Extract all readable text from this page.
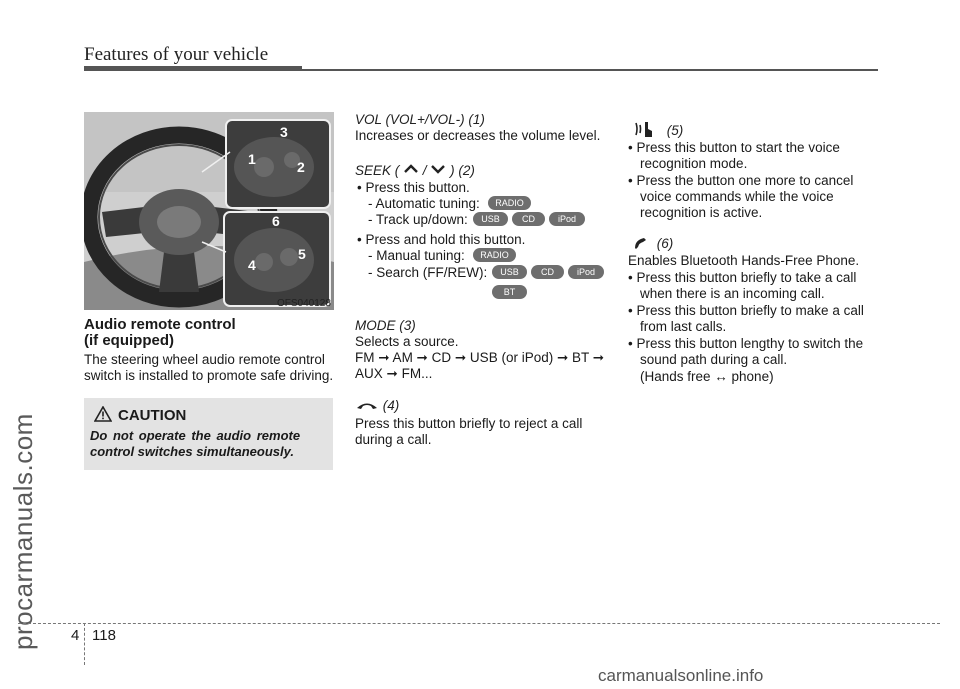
Features of your vehicle
procarmanuals.com
carmanualsonline.info
3
1	2
6
4
5
OFS040128
Audio remote control
(if equipped)
The steering wheel audio remote control
switch is installed to promote safe driving.
CAUTION
Do not operate the audio remote
control switches simultaneously.
VOL (VOL+/VOL-) (1)
Increases or decreases the volume level.
SEEK ( / ) (2)
• Press this button.
- Automatic tuning:	RADIO
- Track up/down:	USB	CD	iPod
• Press and hold this button.
- Manual tuning:	RADIO
- Search (FF/REW):	USB	CD	iPod
BT
MODE (3)
Selects a source.
FM ➞ AM ➞ CD ➞ USB (or iPod) ➞ BT ➞
AUX ➞ FM...
(4)
Press this button briefly to reject a call
during a call.
(5)
• Press this button to start the voice
recognition mode.
• Press the button one more to cancel
voice commands while the voice
recognition is active.
(6)
Enables Bluetooth Hands-Free Phone.
• Press this button briefly to take a call
when there is an incoming call.
• Press this button briefly to make a call
from last calls.
• Press this button lengthy to switch the
sound path during a call.
(Hands free ↔ phone)
4 118
